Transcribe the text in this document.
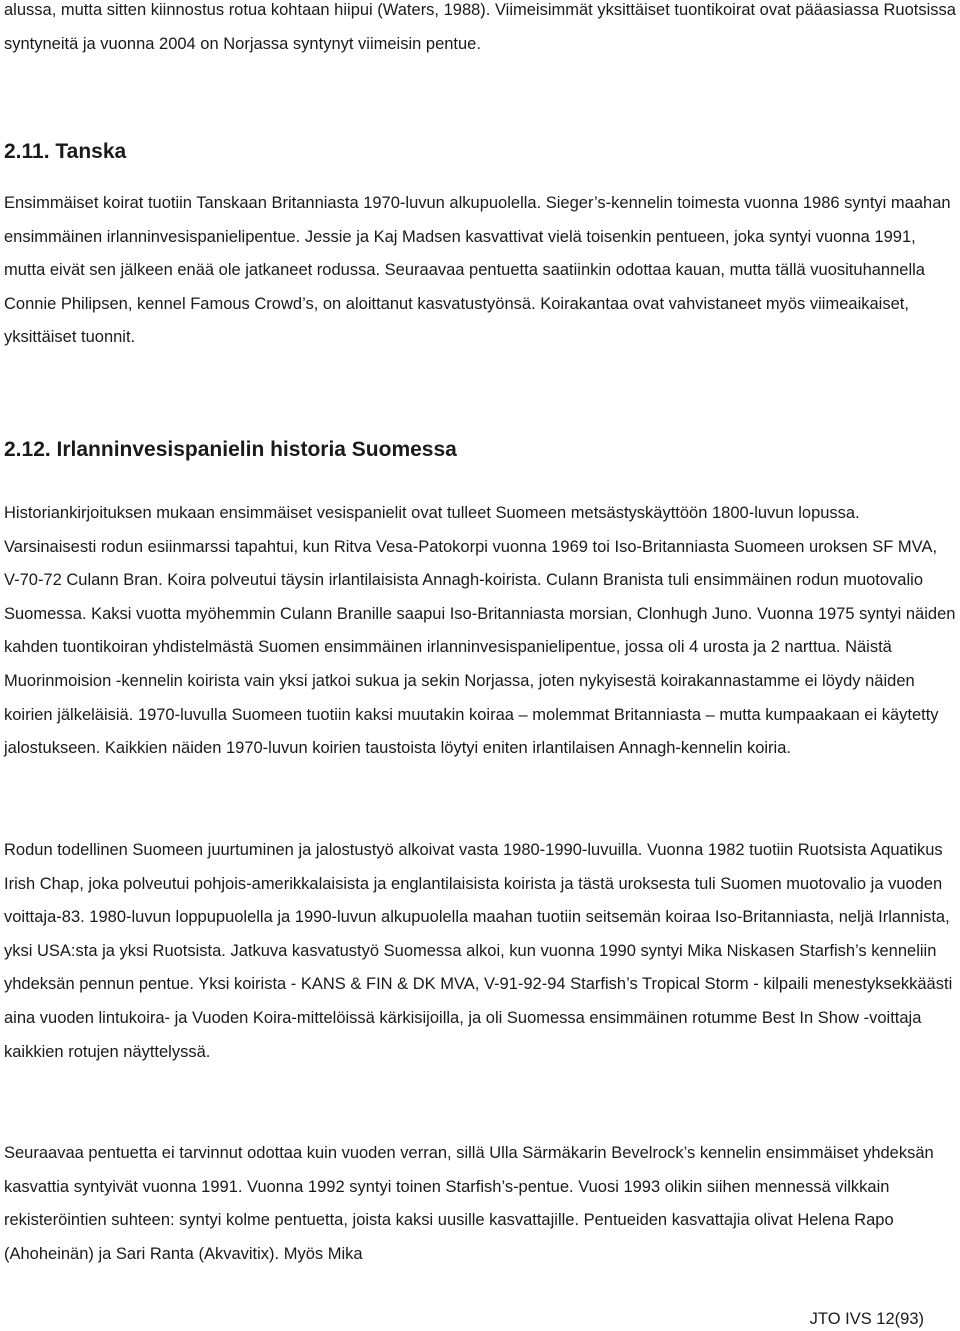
alussa, mutta sitten kiinnostus rotua kohtaan hiipui (Waters, 1988). Viimeisimmät yksittäiset tuontikoirat ovat pääasiassa Ruotsissa syntyneitä ja vuonna 2004 on Norjassa syntynyt viimeisin pentue.

2.11. Tanska

Ensimmäiset koirat tuotiin Tanskaan Britanniasta 1970-luvun alkupuolella. Sieger’s-kennelin toimesta vuonna 1986 syntyi maahan ensimmäinen irlanninvesispanielipentue. Jessie ja Kaj Madsen kasvattivat vielä toisenkin pentueen, joka syntyi vuonna 1991, mutta eivät sen jälkeen enää ole jatkaneet rodussa. Seuraavaa pentuetta saatiinkin odottaa kauan, mutta tällä vuosituhannella Connie Philipsen, kennel Famous Crowd’s, on aloittanut kasvatustyönsä. Koirakantaa ovat vahvistaneet myös viimeaikaiset, yksittäiset tuonnit.

2.12. Irlanninvesispanielin historia Suomessa

Historiankirjoituksen mukaan ensimmäiset vesispanielit ovat tulleet Suomeen metsästyskäyttöön 1800-luvun lopussa. Varsinaisesti rodun esiinmarssi tapahtui, kun Ritva Vesa-Patokorpi vuonna 1969 toi Iso-Britanniasta Suomeen uroksen SF MVA, V-70-72 Culann Bran. Koira polveutui täysin irlantilaisista Annagh-koirista. Culann Branista tuli ensimmäinen rodun muotovalio Suomessa. Kaksi vuotta myöhemmin Culann Branille saapui Iso-Britanniasta morsian, Clonhugh Juno. Vuonna 1975 syntyi näiden kahden tuontikoiran yhdistelmästä Suomen ensimmäinen irlanninvesispanielipentue, jossa oli 4 urosta ja 2 narttua. Näistä Muorinmoision -kennelin koirista vain yksi jatkoi sukua ja sekin Norjassa, joten nykyisestä koirakannastamme ei löydy näiden koirien jälkeläisiä. 1970-luvulla Suomeen tuotiin kaksi muutakin koiraa – molemmat Britanniasta – mutta kumpaakaan ei käytetty jalostukseen. Kaikkien näiden 1970-luvun koirien taustoista löytyi eniten irlantilaisen Annagh-kennelin koiria.

Rodun todellinen Suomeen juurtuminen ja jalostustyö alkoivat vasta 1980-1990-luvuilla. Vuonna 1982 tuotiin Ruotsista Aquatikus Irish Chap, joka polveutui pohjois-amerikkalaisista ja englantilaisista koirista ja tästä uroksesta tuli Suomen muotovalio ja vuoden voittaja-83. 1980-luvun loppupuolella ja 1990-luvun alkupuolella maahan tuotiin seitsemän koiraa Iso-Britanniasta, neljä Irlannista, yksi USA:sta ja yksi Ruotsista. Jatkuva kasvatustyö Suomessa alkoi, kun vuonna 1990 syntyi Mika Niskasen Starfish’s kenneliin yhdeksän pennun pentue. Yksi koirista - KANS & FIN & DK MVA, V-91-92-94 Starfish’s Tropical Storm - kilpaili menestyksekkäästi aina vuoden lintukoira- ja Vuoden Koira-mittelöissä kärkisijoilla, ja oli Suomessa ensimmäinen rotumme Best In Show -voittaja kaikkien rotujen näyttelyssä.

Seuraavaa pentuetta ei tarvinnut odottaa kuin vuoden verran, sillä Ulla Särmäkarin Bevelrock’s kennelin ensimmäiset yhdeksän kasvattia syntyivät vuonna 1991. Vuonna 1992 syntyi toinen Starfish’s-pentue. Vuosi 1993 olikin siihen mennessä vilkkain rekisteröintien suhteen: syntyi kolme pentuetta, joista kaksi uusille kasvattajille. Pentueiden kasvattajia olivat Helena Rapo (Ahoheinän) ja Sari Ranta (Akvavitix). Myös Mika

JTO IVS 12(93)
